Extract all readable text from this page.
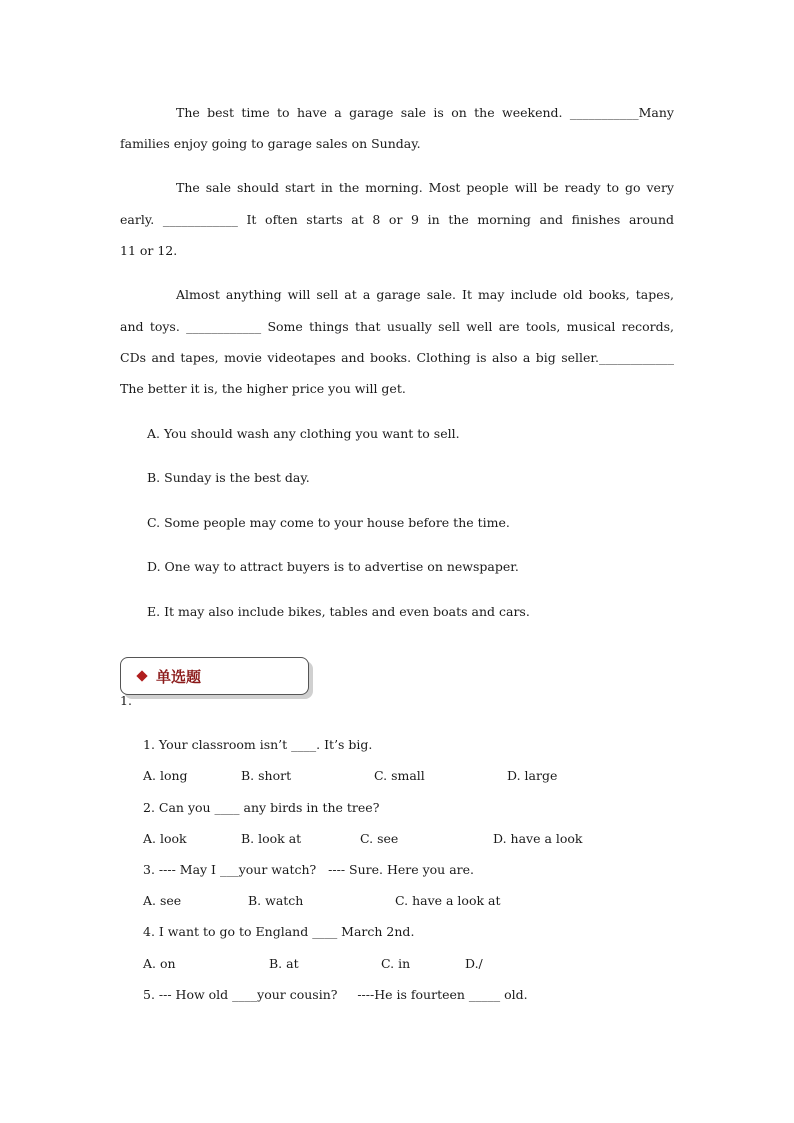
The best time to have a garage sale is on the weekend. ___________Many
families enjoy going to garage sales on Sunday.
The sale should start in the morning. Most people will be ready to go very
early. ____________ It often starts at 8 or 9 in the morning and finishes around
11 or 12.
Almost anything will sell at a garage sale. It may include old books, tapes,
and toys. ____________ Some things that usually sell well are tools, musical records,
CDs and tapes, movie videotapes and books. Clothing is also a big seller.____________
The better it is, the higher price you will get.
A. You should wash any clothing you want to sell.
B. Sunday is the best day.
C. Some people may come to your house before the time.
D. One way to attract buyers is to advertise on newspaper.
E. It may also include bikes, tables and even boats and cars.
单选题
1.
1. Your classroom isn’t ____. It’s big.
A. long	B. short	C. small	D. large
2. Can you ____ any birds in the tree?
A. look	B. look at	C. see	D. have a look
3. ---- May I ___your watch?   ---- Sure. Here you are.
A. see	B. watch	C. have a look at
4. I want to go to England ____ March 2nd.
A. on	B. at	C. in	D./
5. --- How old ____your cousin?     ----He is fourteen _____ old.
